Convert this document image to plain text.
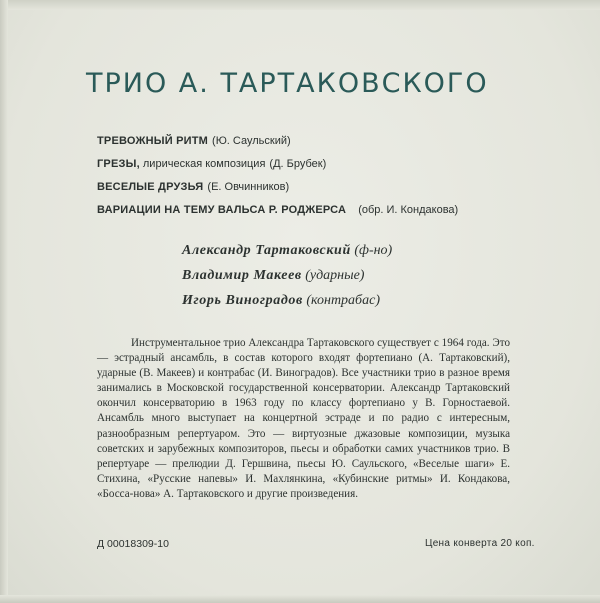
ТРИО А. ТАРТАКОВСКОГО
ТРЕВОЖНЫЙ РИТМ (Ю. Саульский)
ГРЕЗЫ, лирическая композиция (Д. Брубек)
ВЕСЕЛЫЕ ДРУЗЬЯ (Е. Овчинников)
ВАРИАЦИИ НА ТЕМУ ВАЛЬСА Р. РОДЖЕРСА (обр. И. Кондакова)
Александр Тартаковский (ф-но)
Владимир Макеев (ударные)
Игорь Виноградов (контрабас)
Инструментальное трио Александра Тартаковского существует с 1964 года. Это — эстрадный ансамбль, в состав которого входят фортепиано (А. Тартаковский), ударные (В. Макеев) и контрабас (И. Виноградов). Все участники трио в разное время занимались в Московской государственной консерватории. Александр Тартаковский окончил консерваторию в 1963 году по классу фортепиано у В. Горностаевой. Ансамбль много выступает на концертной эстраде и по радио с интересным, разнообразным репертуаром. Это — виртуозные джазовые композиции, музыка советских и зарубежных композиторов, пьесы и обработки самих участников трио. В репертуаре — прелюдии Д. Гершвина, пьесы Ю. Саульского, «Веселые шаги» Е. Стихина, «Русские напевы» И. Махлянкина, «Кубинские ритмы» И. Кондакова, «Босса-нова» А. Тартаковского и другие произведения.
Д 00018309-10	Цена конверта 20 коп.
